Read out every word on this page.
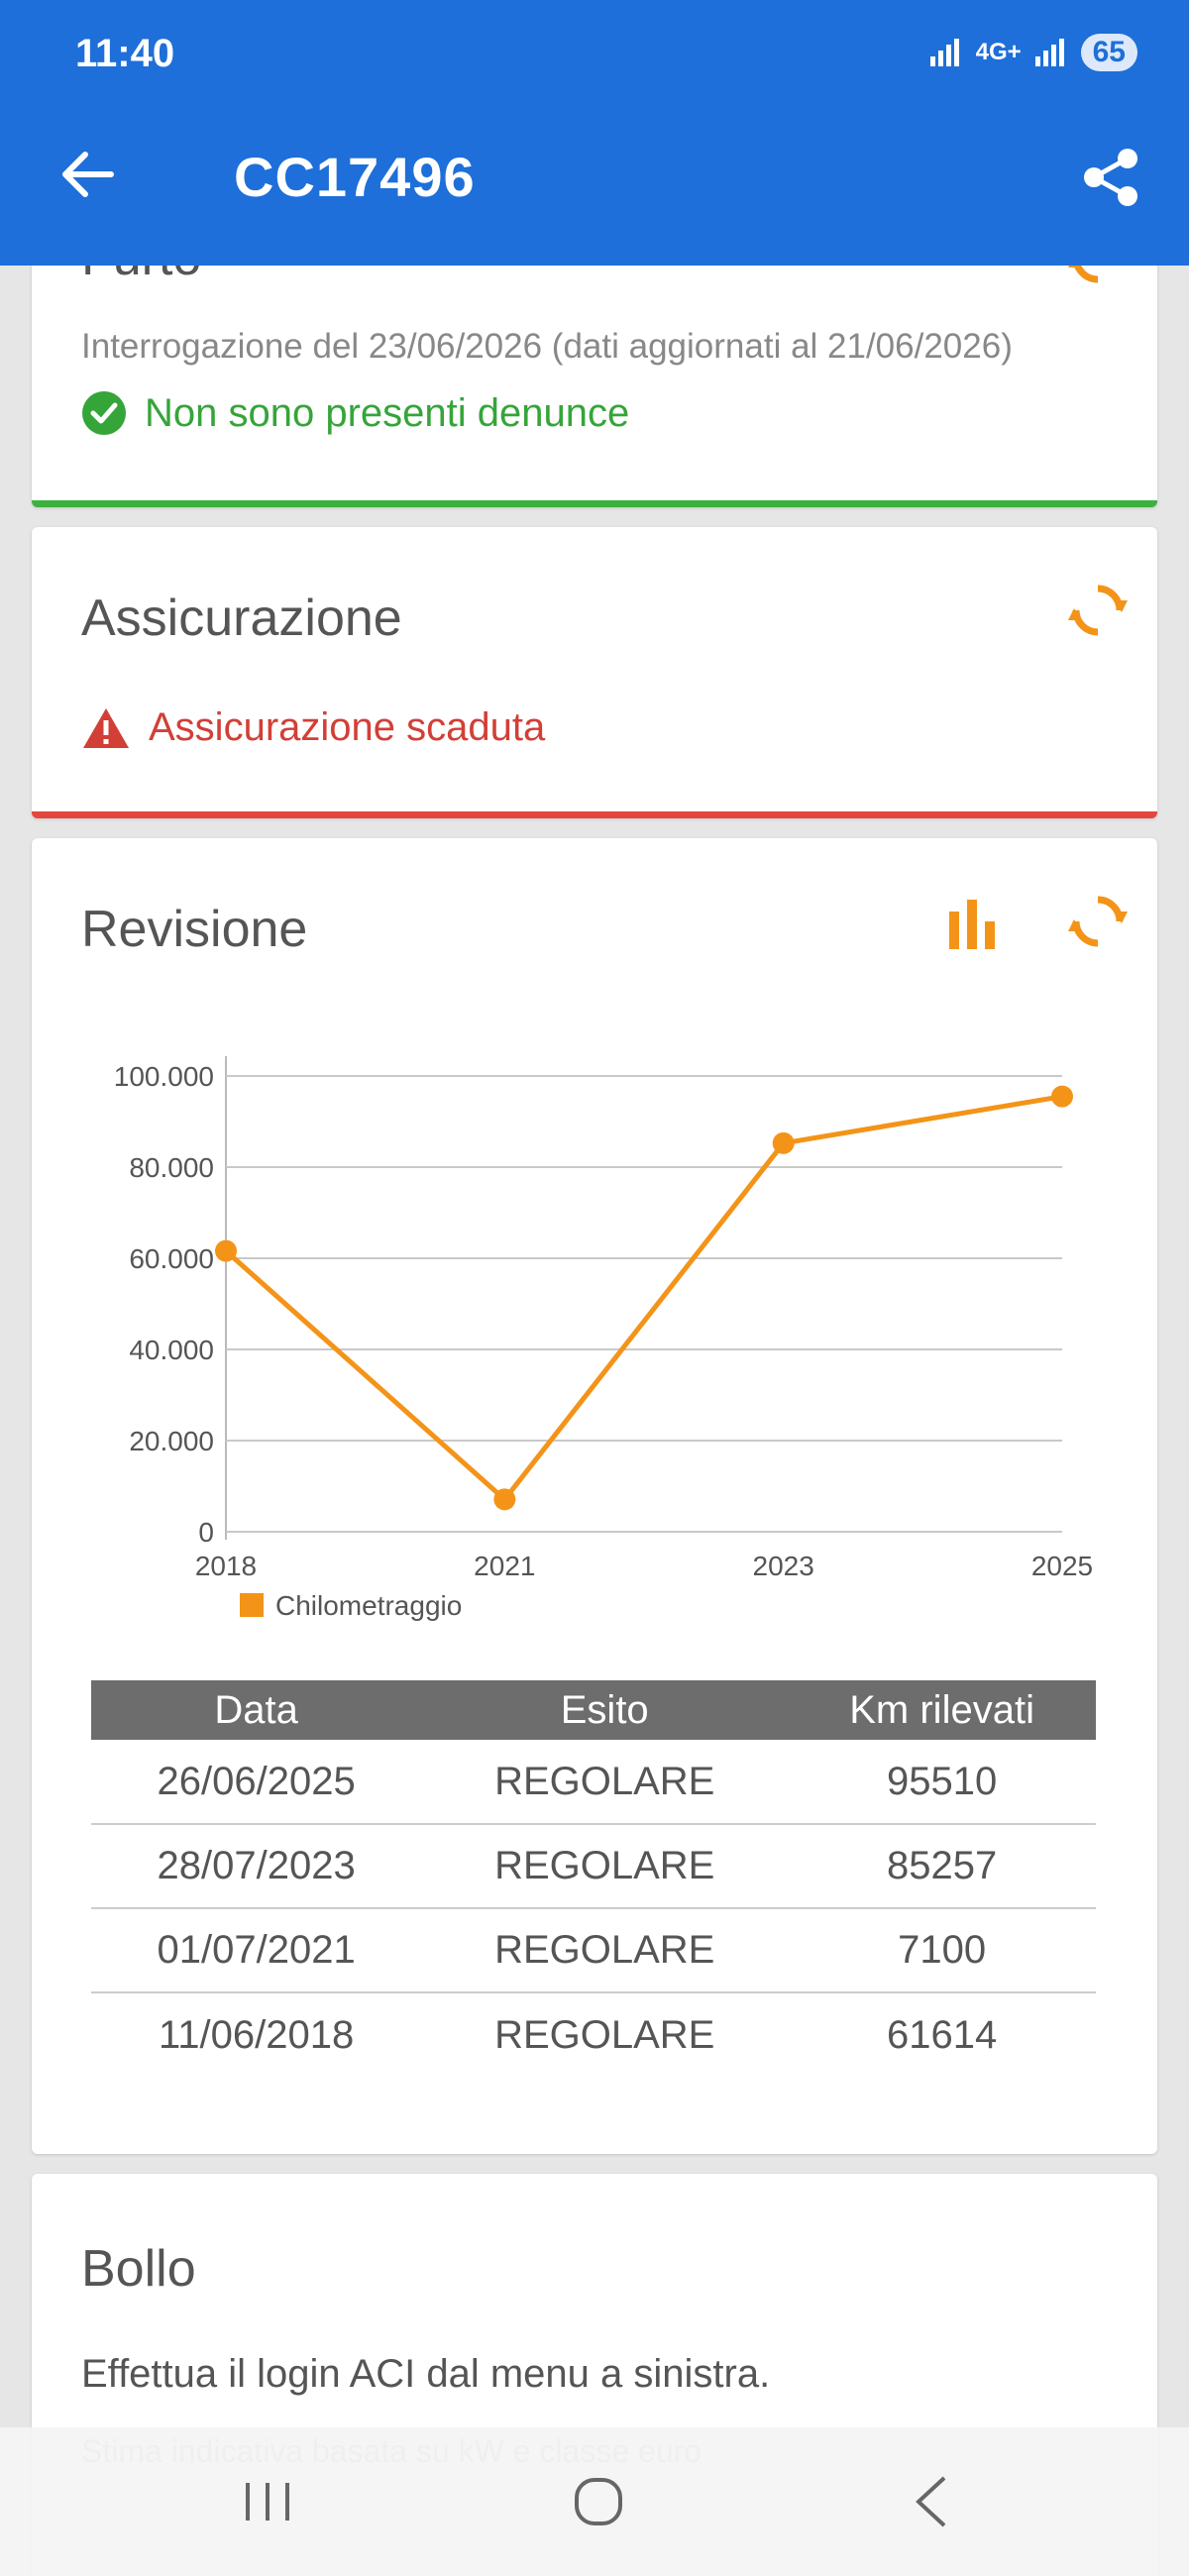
11:40	4G+	65
CC17496
Interrogazione del 23/06/2026 (dati aggiornati al 21/06/2026)
Non sono presenti denunce
Assicurazione
Assicurazione scaduta
Revisione
0
20.000
40.000
60.000
80.000
100.000
2018	2021	2023	2025
Chilometraggio
Data	Esito	Km rilevati
26/06/2025	REGOLARE	95510
28/07/2023	REGOLARE	85257
01/07/2021	REGOLARE	7100
11/06/2018	REGOLARE	61614
Bollo
Effettua il login ACI dal menu a sinistra.
